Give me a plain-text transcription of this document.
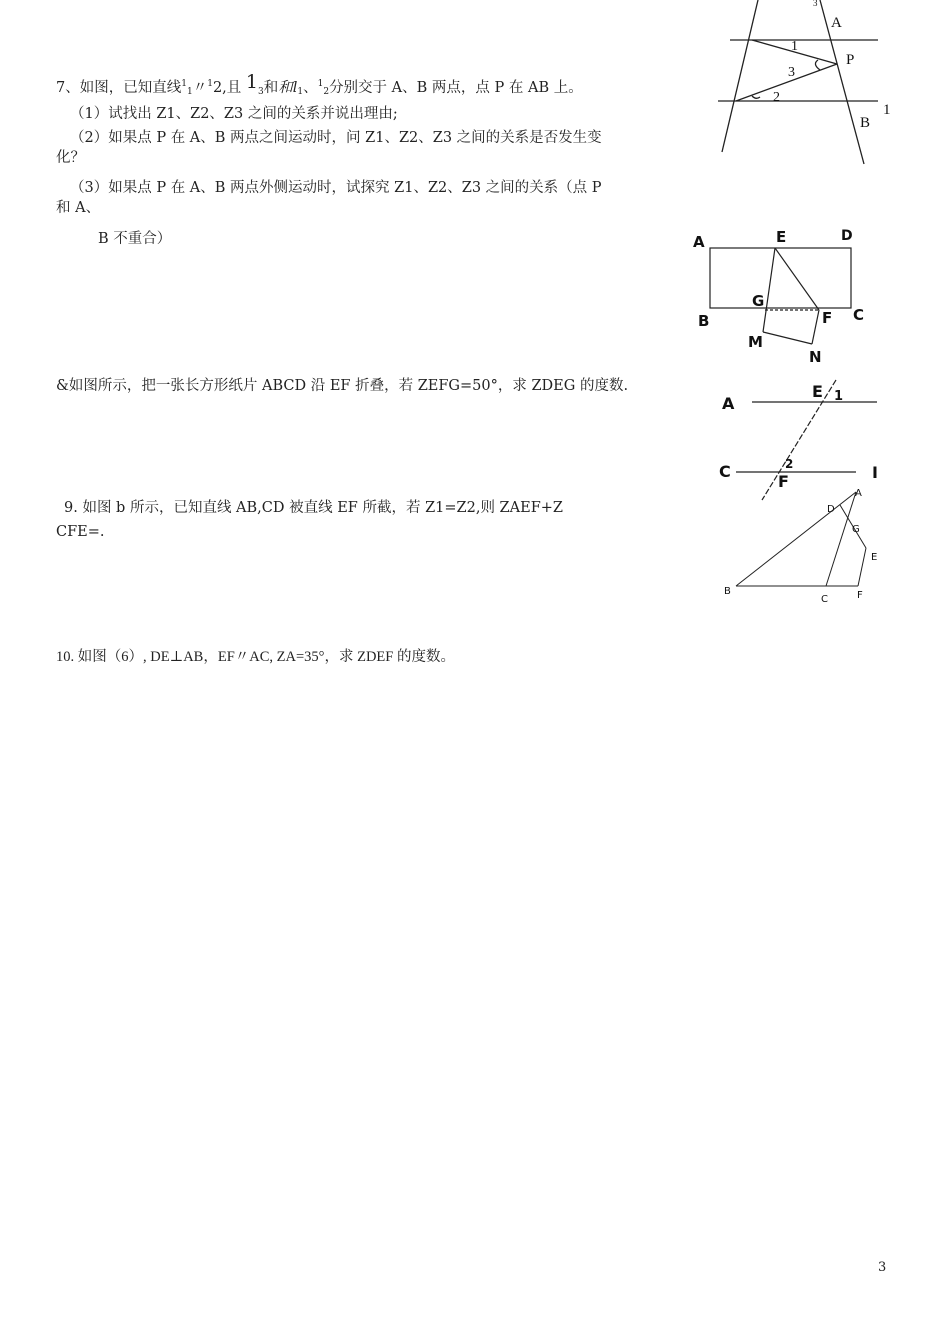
7、如图，已知直线$^1_1$〃$^1$2,且 $1_3$和和$l_1$、$^1_2$分别交于 A、B 两点，点 P 在 AB 上。
（1）试找出 Z1、Z2、Z3 之间的关系并说出理由;
（2）如果点 P 在 A、B 两点之间运动时，问 Z1、Z2、Z3 之间的关系是否发生变
化？
（3）如果点 P 在 A、B 两点外侧运动时，试探究 Z1、Z2、Z3 之间的关系（点 P
和 A、
B 不重合）
&如图所示，把一张长方形纸片 ABCD 沿 EF 折叠，若 ZEFG=50°，求 ZDEG 的度数.
9. 如图 b 所示，已知直线 AB,CD 被直线 EF 所截，若 Z1=Z2,则 ZAEF+Z
CFE=.
10. 如图（6）, DE⊥AB，EF〃AC, ZA=35°，求 ZDEF 的度数。
3
A
1
P
3
2
1
B
A	E	D
G
F C
B
M
N
A
E 1
C	2
F	I
A
D
G
E
B
C	F
3
